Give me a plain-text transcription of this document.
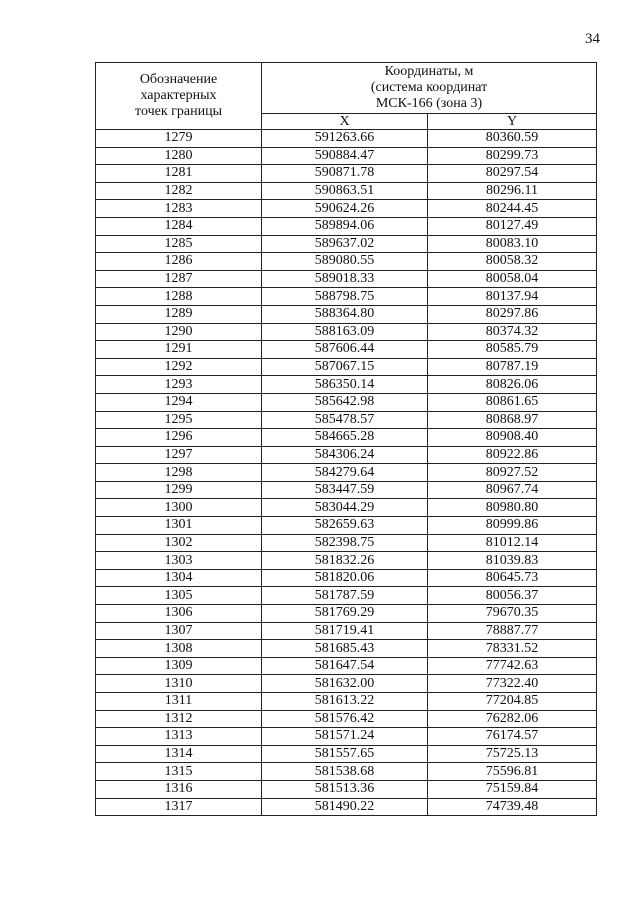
34
Обозначение
характерных
точек границы	Координаты, м
(система координат
МСК-166 (зона 3)	

	X	Y
1279	591263.66	80360.59
1280	590884.47	80299.73
1281	590871.78	80297.54
1282	590863.51	80296.11
1283	590624.26	80244.45
1284	589894.06	80127.49
1285	589637.02	80083.10
1286	589080.55	80058.32
1287	589018.33	80058.04
1288	588798.75	80137.94
1289	588364.80	80297.86
1290	588163.09	80374.32
1291	587606.44	80585.79
1292	587067.15	80787.19
1293	586350.14	80826.06
1294	585642.98	80861.65
1295	585478.57	80868.97
1296	584665.28	80908.40
1297	584306.24	80922.86
1298	584279.64	80927.52
1299	583447.59	80967.74
1300	583044.29	80980.80
1301	582659.63	80999.86
1302	582398.75	81012.14
1303	581832.26	81039.83
1304	581820.06	80645.73
1305	581787.59	80056.37
1306	581769.29	79670.35
1307	581719.41	78887.77
1308	581685.43	78331.52
1309	581647.54	77742.63
1310	581632.00	77322.40
1311	581613.22	77204.85
1312	581576.42	76282.06
1313	581571.24	76174.57
1314	581557.65	75725.13
1315	581538.68	75596.81
1316	581513.36	75159.84
1317	581490.22	74739.48
